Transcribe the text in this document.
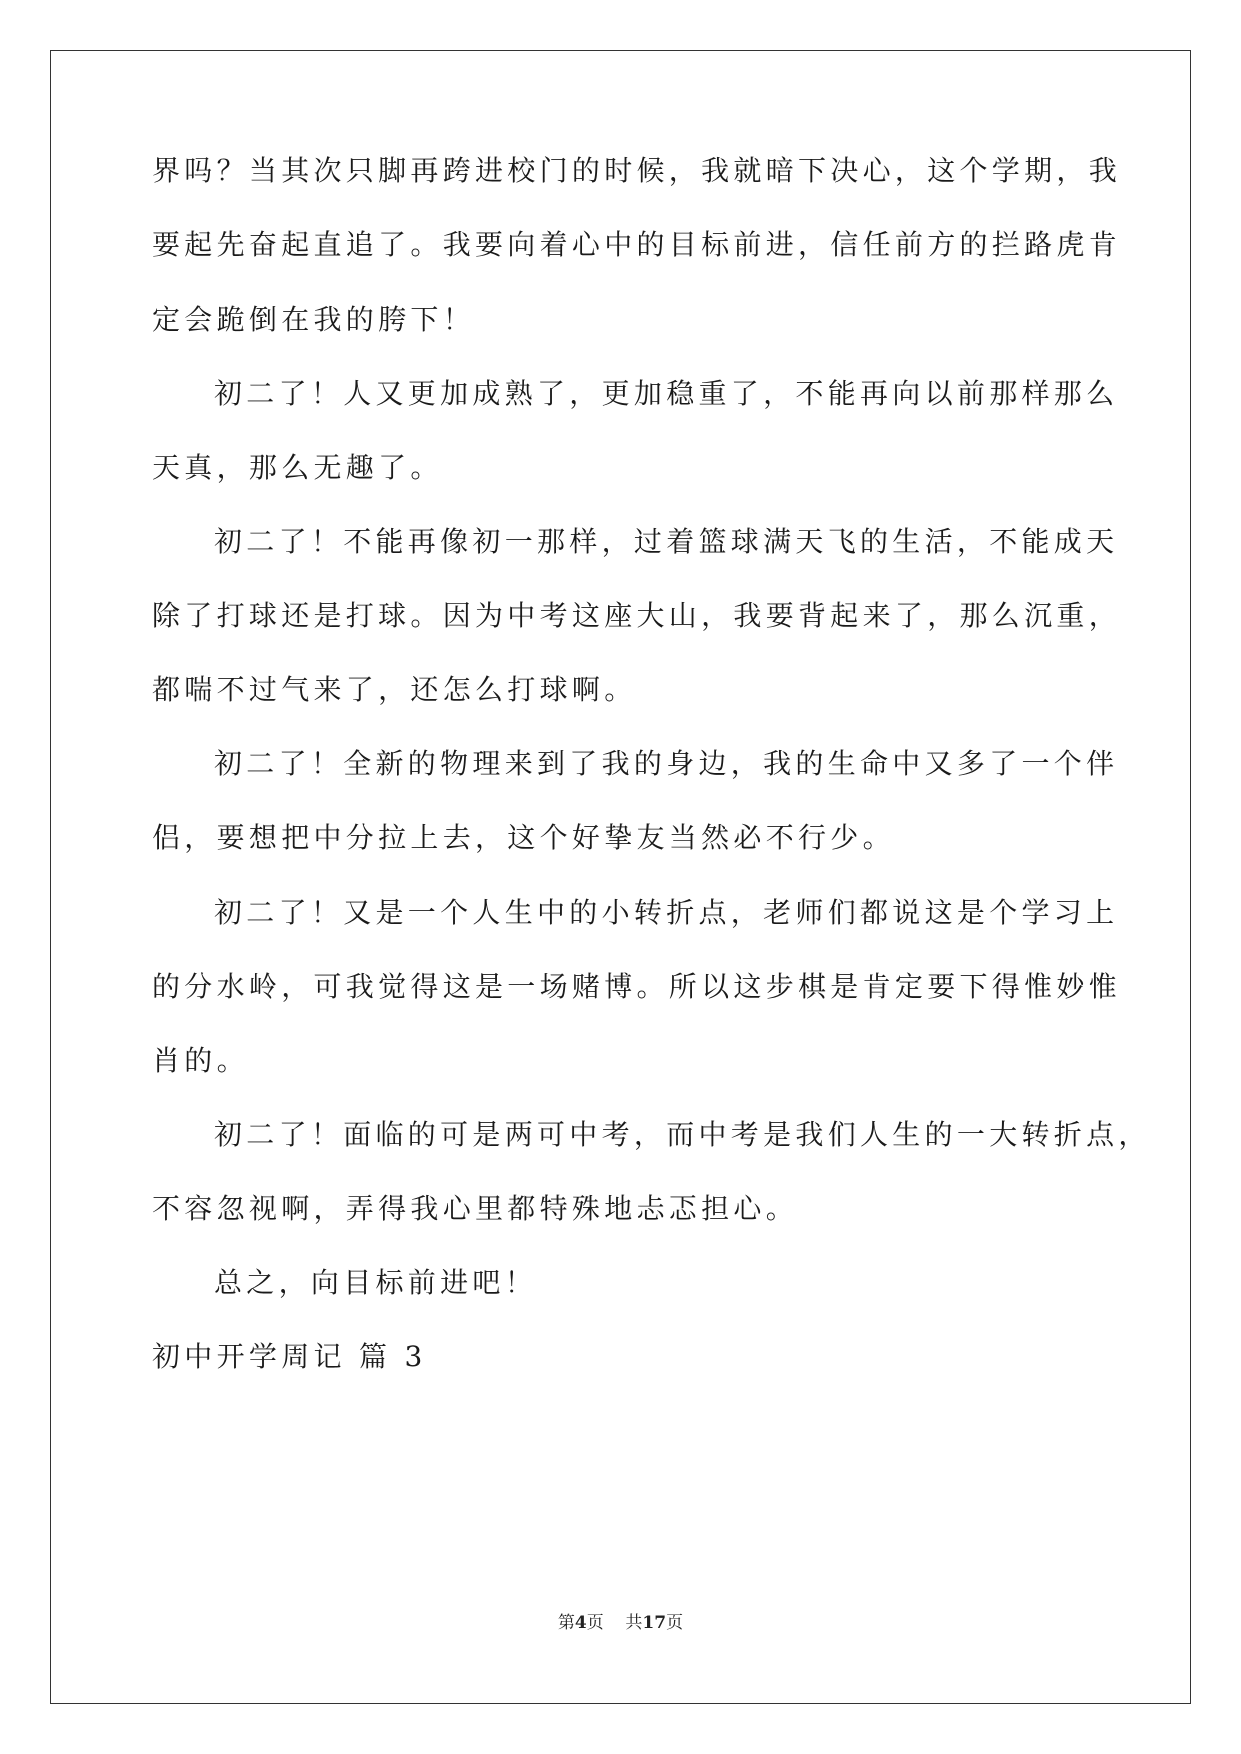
界吗？当其次只脚再跨进校门的时候，我就暗下决心，这个学期，我
要起先奋起直追了。我要向着心中的目标前进，信任前方的拦路虎肯
定会跪倒在我的胯下！
初二了！人又更加成熟了，更加稳重了，不能再向以前那样那么
天真，那么无趣了。
初二了！不能再像初一那样，过着篮球满天飞的生活，不能成天
除了打球还是打球。因为中考这座大山，我要背起来了，那么沉重，
都喘不过气来了，还怎么打球啊。
初二了！全新的物理来到了我的身边，我的生命中又多了一个伴
侣，要想把中分拉上去，这个好挚友当然必不行少。
初二了！又是一个人生中的小转折点，老师们都说这是个学习上
的分水岭，可我觉得这是一场赌博。所以这步棋是肯定要下得惟妙惟
肖的。
初二了！面临的可是两可中考，而中考是我们人生的一大转折点，
不容忽视啊，弄得我心里都特殊地忐忑担心。
总之，向目标前进吧！
初中开学周记 篇 3
第4页 共17页
